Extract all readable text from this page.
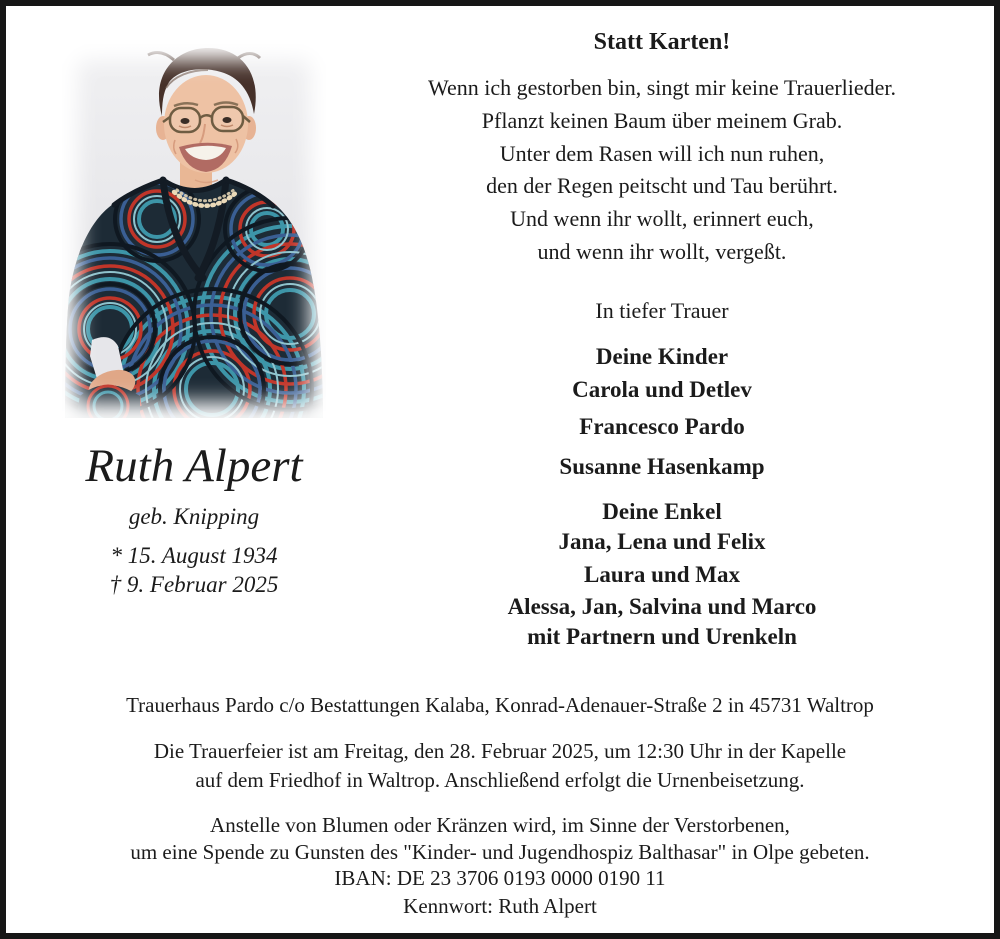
Ruth Alpert
geb. Knipping
* 15. August 1934
† 9. Februar 2025
Statt Karten!
Wenn ich gestorben bin, singt mir keine Trauerlieder.
Pflanzt keinen Baum über meinem Grab.
Unter dem Rasen will ich nun ruhen,
den der Regen peitscht und Tau berührt.
Und wenn ihr wollt, erinnert euch,
und wenn ihr wollt, vergeßt.
In tiefer Trauer
Deine Kinder
Carola und Detlev
Francesco Pardo
Susanne Hasenkamp
Deine Enkel
Jana, Lena und Felix
Laura und Max
Alessa, Jan, Salvina und Marco
mit Partnern und Urenkeln
Trauerhaus Pardo c/o Bestattungen Kalaba, Konrad-Adenauer-Straße 2 in 45731 Waltrop
Die Trauerfeier ist am Freitag, den 28. Februar 2025, um 12:30 Uhr in der Kapelle
auf dem Friedhof in Waltrop. Anschließend erfolgt die Urnenbeisetzung.
Anstelle von Blumen oder Kränzen wird, im Sinne der Verstorbenen,
um eine Spende zu Gunsten des "Kinder- und Jugendhospiz Balthasar" in Olpe gebeten.
IBAN: DE 23 3706 0193 0000 0190 11
Kennwort: Ruth Alpert
